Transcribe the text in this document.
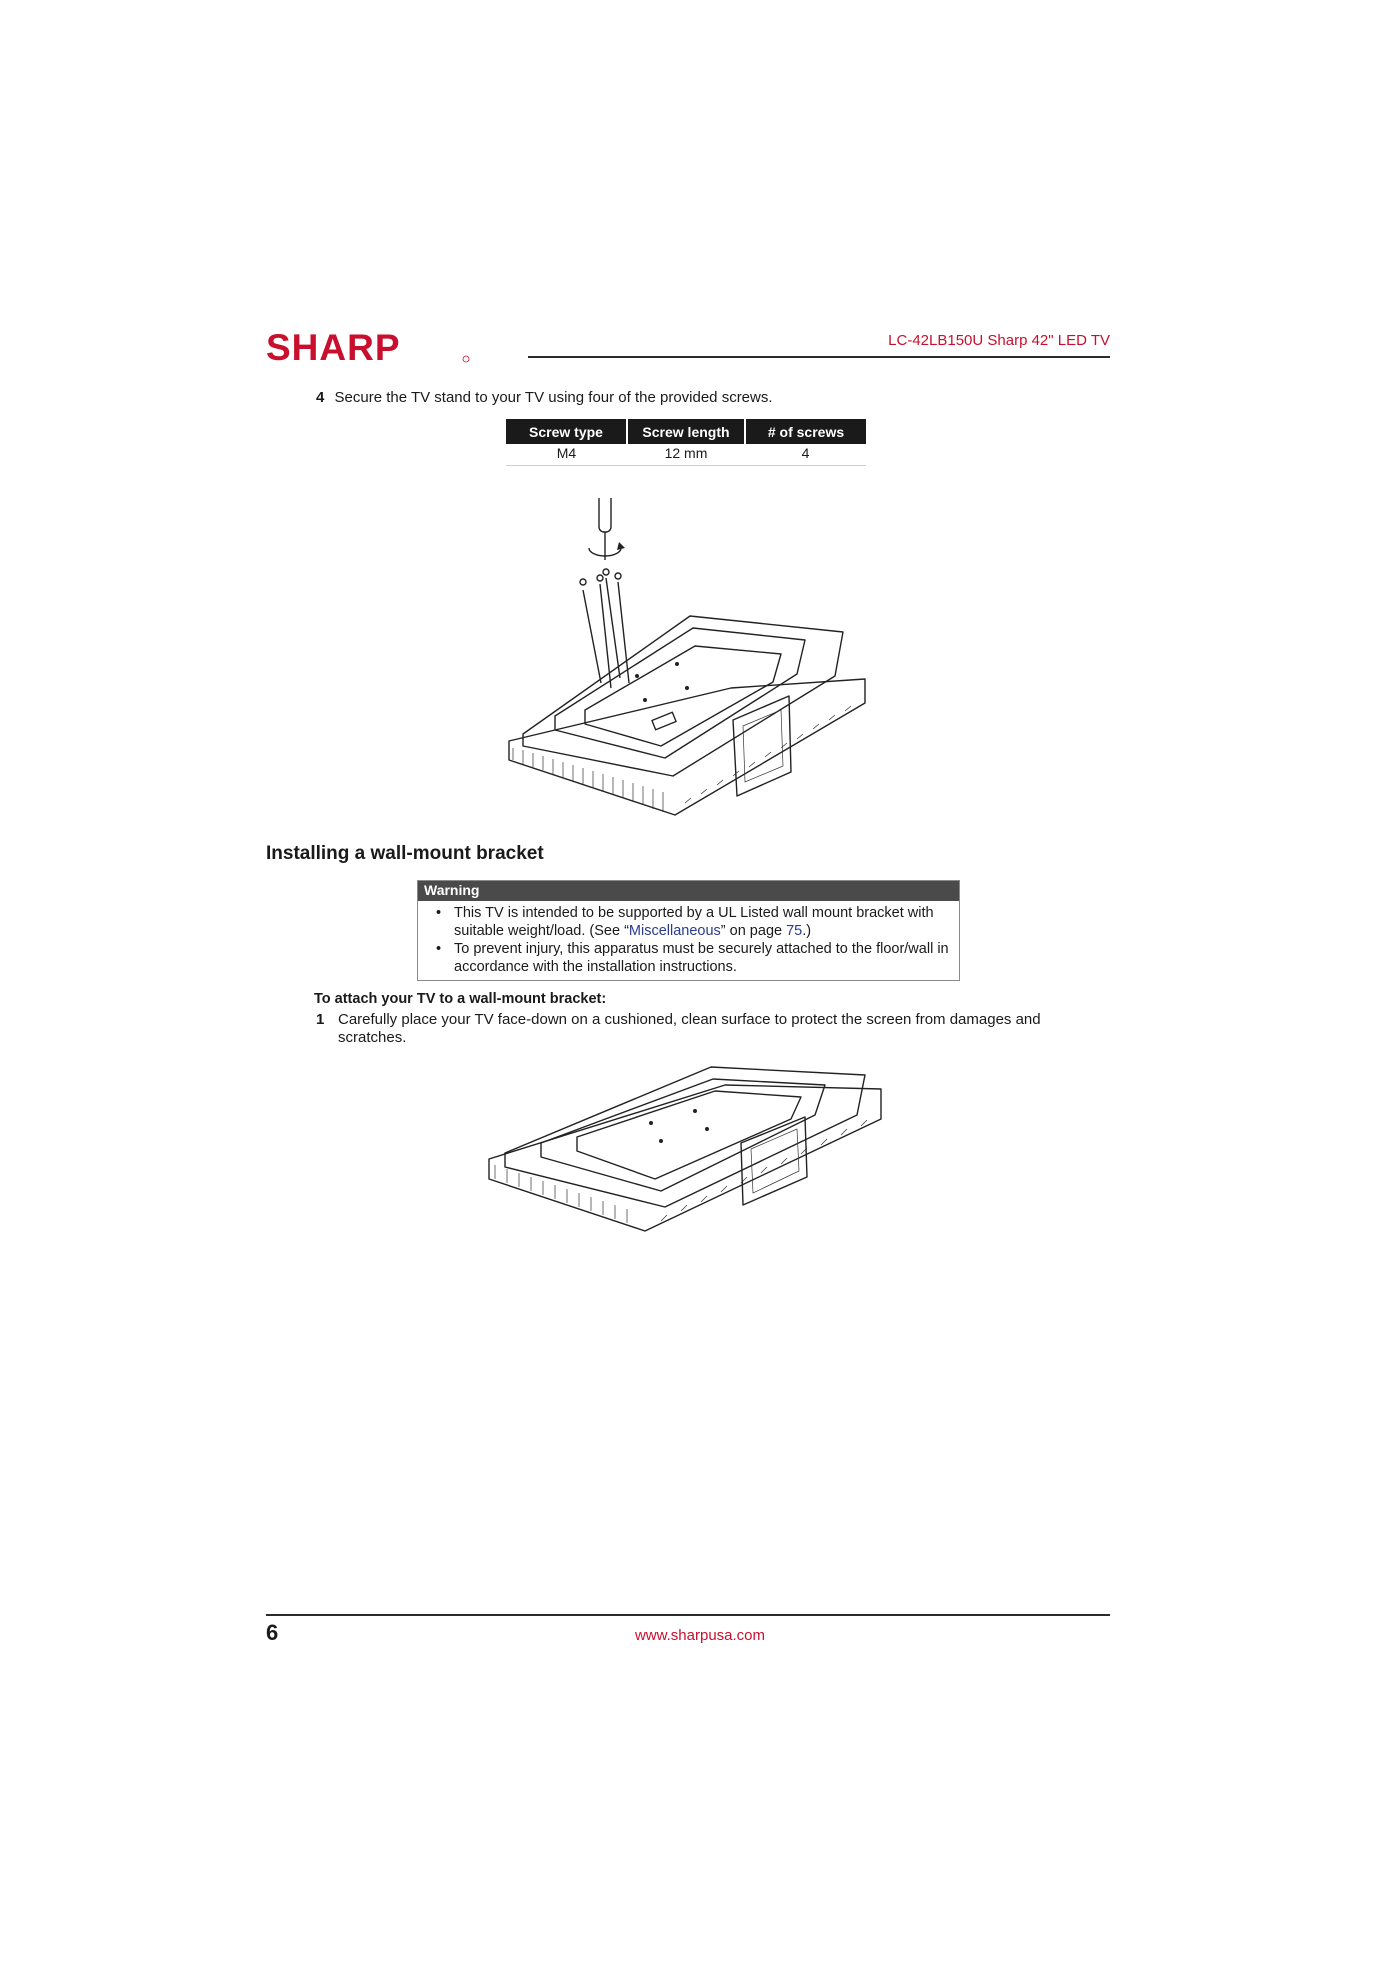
SHARP	LC-42LB150U Sharp 42" LED TV
4 Secure the TV stand to your TV using four of the provided screws.
Screw type	Screw length	# of screws
M4	12 mm	4
Installing a wall-mount bracket
Warning
• This TV is intended to be supported by a UL Listed wall mount bracket with suitable weight/load. (See “Miscellaneous” on page 75.)
• To prevent injury, this apparatus must be securely attached to the floor/wall in accordance with the installation instructions.
To attach your TV to a wall-mount bracket:
1 Carefully place your TV face-down on a cushioned, clean surface to protect the screen from damages and scratches.
6	www.sharpusa.com
